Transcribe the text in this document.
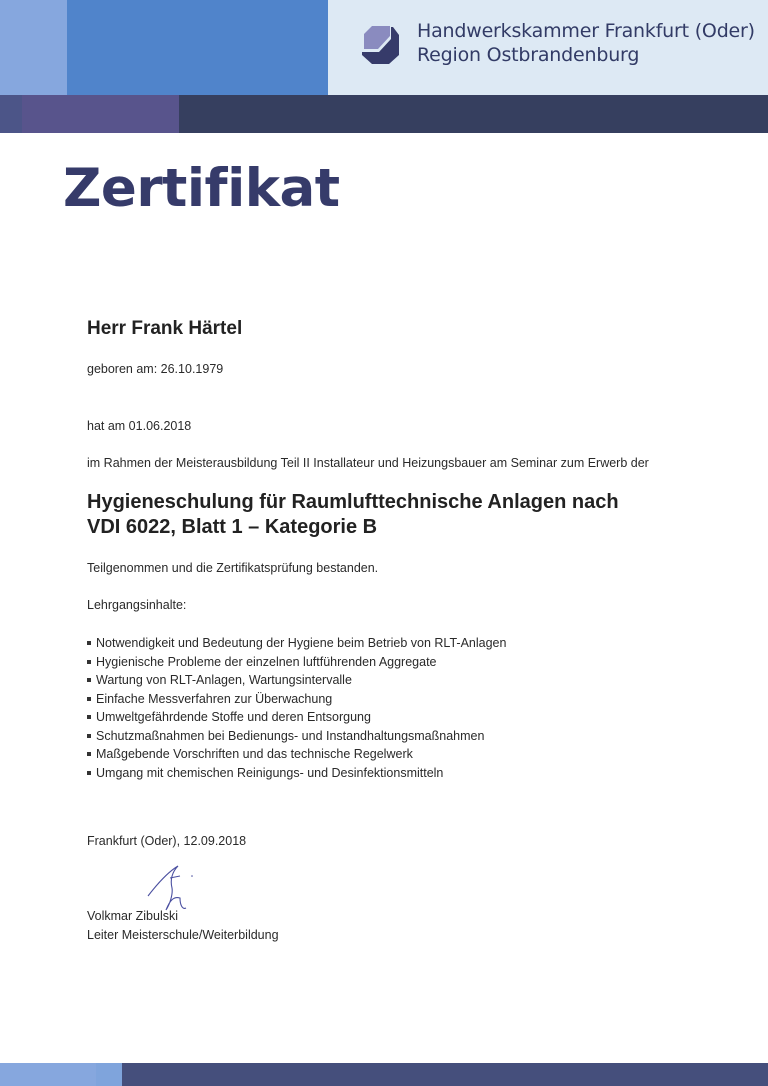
Handwerkskammer Frankfurt (Oder)
Region Ostbrandenburg
Zertifikat
Herr Frank Härtel
geboren am: 26.10.1979
hat am 01.06.2018
im Rahmen der Meisterausbildung Teil II Installateur und Heizungsbauer am Seminar zum Erwerb der
Hygieneschulung für Raumlufttechnische Anlagen nach
VDI 6022, Blatt 1 – Kategorie B
Teilgenommen und die Zertifikatsprüfung bestanden.
Lehrgangsinhalte:
Notwendigkeit und Bedeutung der Hygiene beim Betrieb von RLT-Anlagen
Hygienische Probleme der einzelnen luftführenden Aggregate
Wartung von RLT-Anlagen, Wartungsintervalle
Einfache Messverfahren zur Überwachung
Umweltgefährdende Stoffe und deren Entsorgung
Schutzmaßnahmen bei Bedienungs- und Instandhaltungsmaßnahmen
Maßgebende Vorschriften und das technische Regelwerk
Umgang mit chemischen Reinigungs- und Desinfektionsmitteln
Frankfurt (Oder), 12.09.2018
Volkmar Zibulski
Leiter Meisterschule/Weiterbildung
